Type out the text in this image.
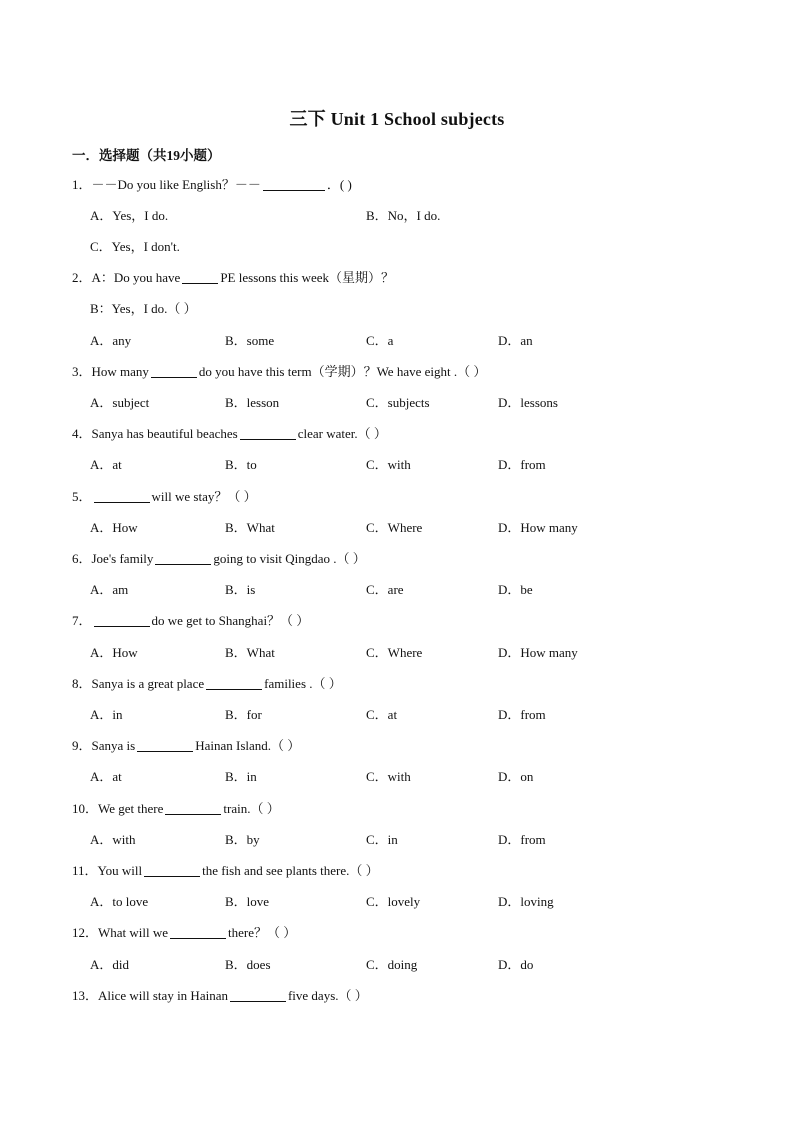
三下 Unit 1 School subjects
一．选择题（共19小题）
1．－－Do you like English？－－	．( )
A．Yes，I do.	B．No，I do.
C．Yes，I don't.
2．A：Do you have	PE lessons this week（星期）？
B：Yes，I do.（ ）
A．any	B．some	C．a	D．an
3．How many	do you have this term（学期）？We have eight .（ ）
A．subject	B．lesson	C．subjects	D．lessons
4．Sanya has beautiful beaches	clear water.（ ）
A．at	B．to	C．with	D．from
5．	will we stay？（ ）
A．How	B．What	C．Where	D．How many
6．Joe's family	going to visit Qingdao .（ ）
A．am	B．is	C．are	D．be
7．	do we get to Shanghai？（ ）
A．How	B．What	C．Where	D．How many
8．Sanya is a great place	families .（ ）
A．in	B．for	C．at	D．from
9．Sanya is	Hainan Island.（ ）
A．at	B．in	C．with	D．on
10．We get there	train.（ ）
A．with	B．by	C．in	D．from
11．You will	the fish and see plants there.（ ）
A．to love	B．love	C．lovely	D．loving
12．What will we	there？（ ）
A．did	B．does	C．doing	D．do
13．Alice will stay in Hainan	five days.（ ）
